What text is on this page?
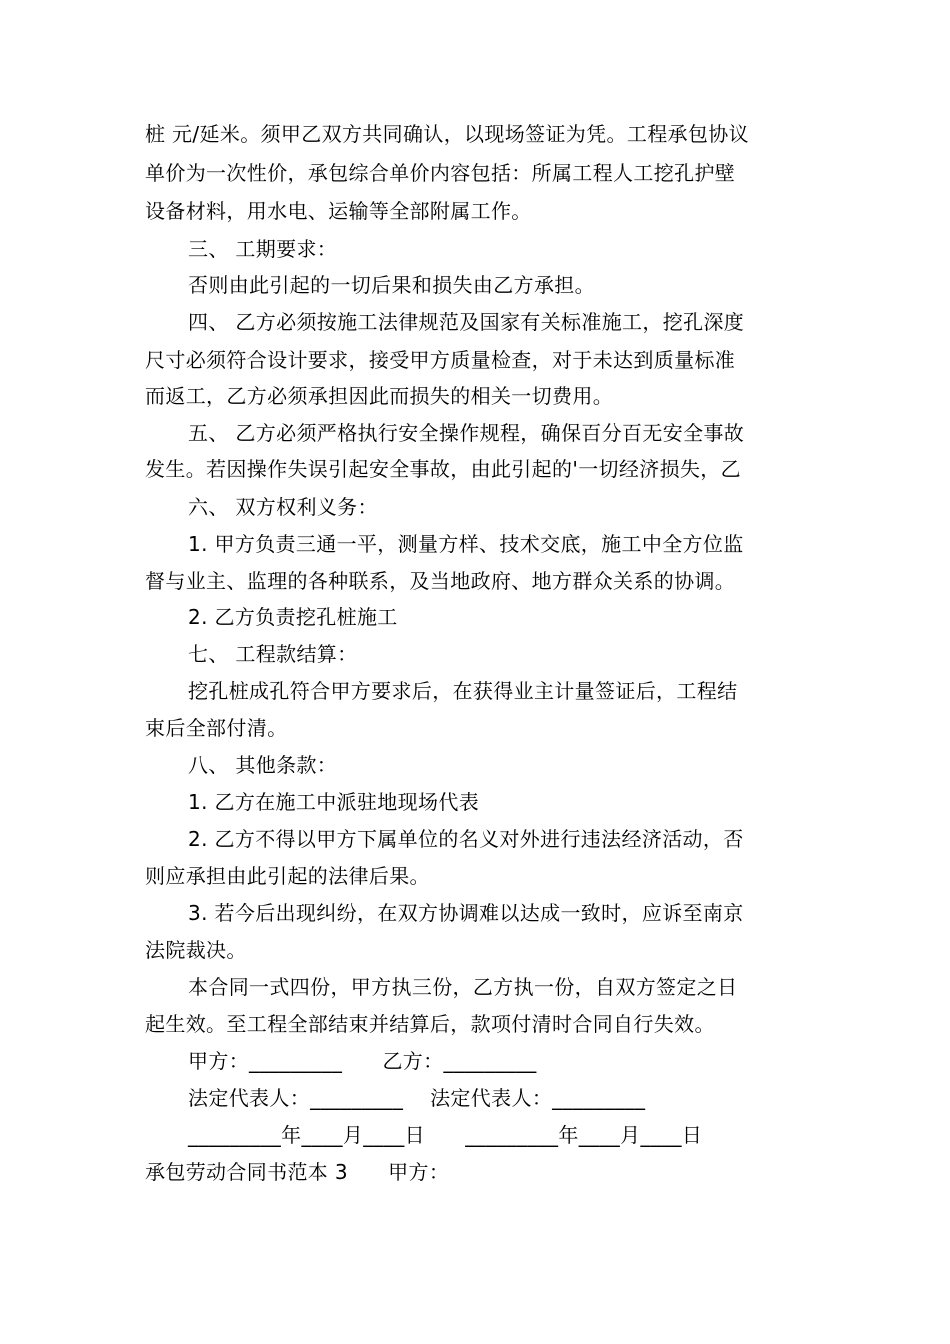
桩 元/延米。须甲乙双方共同确认，以现场签证为凭。工程承包协议
单价为一次性价，承包综合单价内容包括：所属工程人工挖孔护壁
设备材料，用水电、运输等全部附属工作。
三、 工期要求：
否则由此引起的一切后果和损失由乙方承担。
四、 乙方必须按施工法律规范及国家有关标准施工，挖孔深度
尺寸必须符合设计要求，接受甲方质量检查，对于未达到质量标准
而返工，乙方必须承担因此而损失的相关一切费用。
五、 乙方必须严格执行安全操作规程，确保百分百无安全事故
发生。若因操作失误引起安全事故，由此引起的'一切经济损失，乙
六、 双方权利义务：
1. 甲方负责三通一平，测量方样、技术交底，施工中全方位监
督与业主、监理的各种联系，及当地政府、地方群众关系的协调。
2. 乙方负责挖孔桩施工
七、 工程款结算：
挖孔桩成孔符合甲方要求后，在获得业主计量签证后，工程结
束后全部付清。
八、 其他条款：
1. 乙方在施工中派驻地现场代表
2. 乙方不得以甲方下属单位的名义对外进行违法经济活动，否
则应承担由此引起的法律后果。
3. 若今后出现纠纷，在双方协调难以达成一致时，应诉至南京
法院裁决。
本合同一式四份，甲方执三份，乙方执一份，自双方签定之日
起生效。至工程全部结束并结算后，款项付清时合同自行失效。
甲方：_________      乙方：_________
法定代表人：_________    法定代表人：_________
_________年____月____日      _________年____月____日
承包劳动合同书范本 3      甲方：
